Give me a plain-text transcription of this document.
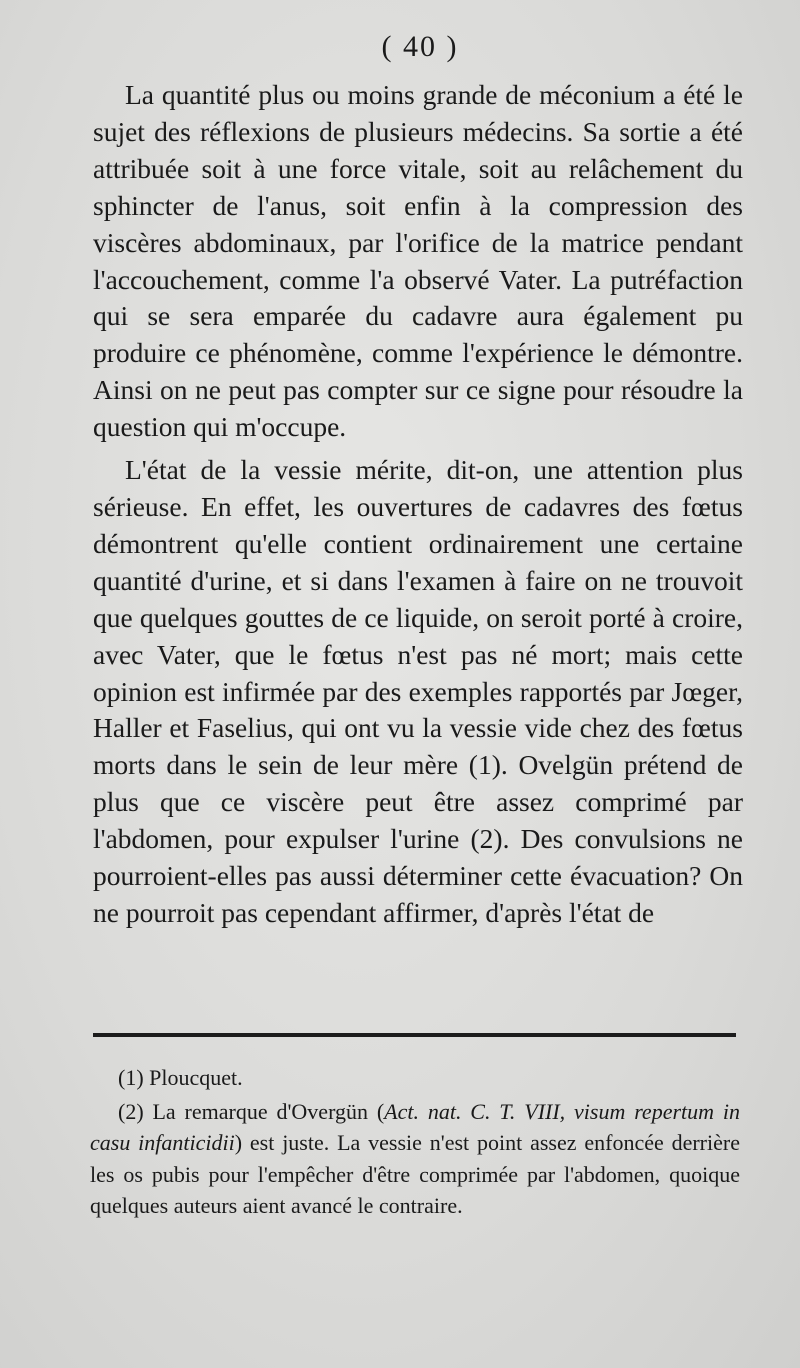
( 40 )

La quantité plus ou moins grande de méconium a été le sujet des réflexions de plusieurs médecins. Sa sortie a été attribuée soit à une force vitale, soit au relâchement du sphincter de l'anus, soit enfin à la compression des viscères abdominaux, par l'orifice de la matrice pendant l'accouchement, comme l'a observé Vater. La putréfaction qui se sera emparée du cadavre aura également pu produire ce phénomène, comme l'expérience le démontre. Ainsi on ne peut pas compter sur ce signe pour résoudre la question qui m'occupe.

L'état de la vessie mérite, dit-on, une attention plus sérieuse. En effet, les ouvertures de cadavres des fœtus démontrent qu'elle contient ordinairement une certaine quantité d'urine, et si dans l'examen à faire on ne trouvoit que quelques gouttes de ce liquide, on seroit porté à croire, avec Vater, que le fœtus n'est pas né mort; mais cette opinion est infirmée par des exemples rapportés par Jœger, Haller et Faselius, qui ont vu la vessie vide chez des fœtus morts dans le sein de leur mère (1). Ovelgün prétend de plus que ce viscère peut être assez comprimé par l'abdomen, pour expulser l'urine (2). Des convulsions ne pourroient-elles pas aussi déterminer cette évacuation? On ne pourroit pas cependant affirmer, d'après l'état de

(1) Ploucquet.

(2) La remarque d'Overgün (Act. nat. C. T. VIII, visum repertum in casu infanticidii) est juste. La vessie n'est point assez enfoncée derrière les os pubis pour l'empêcher d'être comprimée par l'abdomen, quoique quelques auteurs aient avancé le contraire.
